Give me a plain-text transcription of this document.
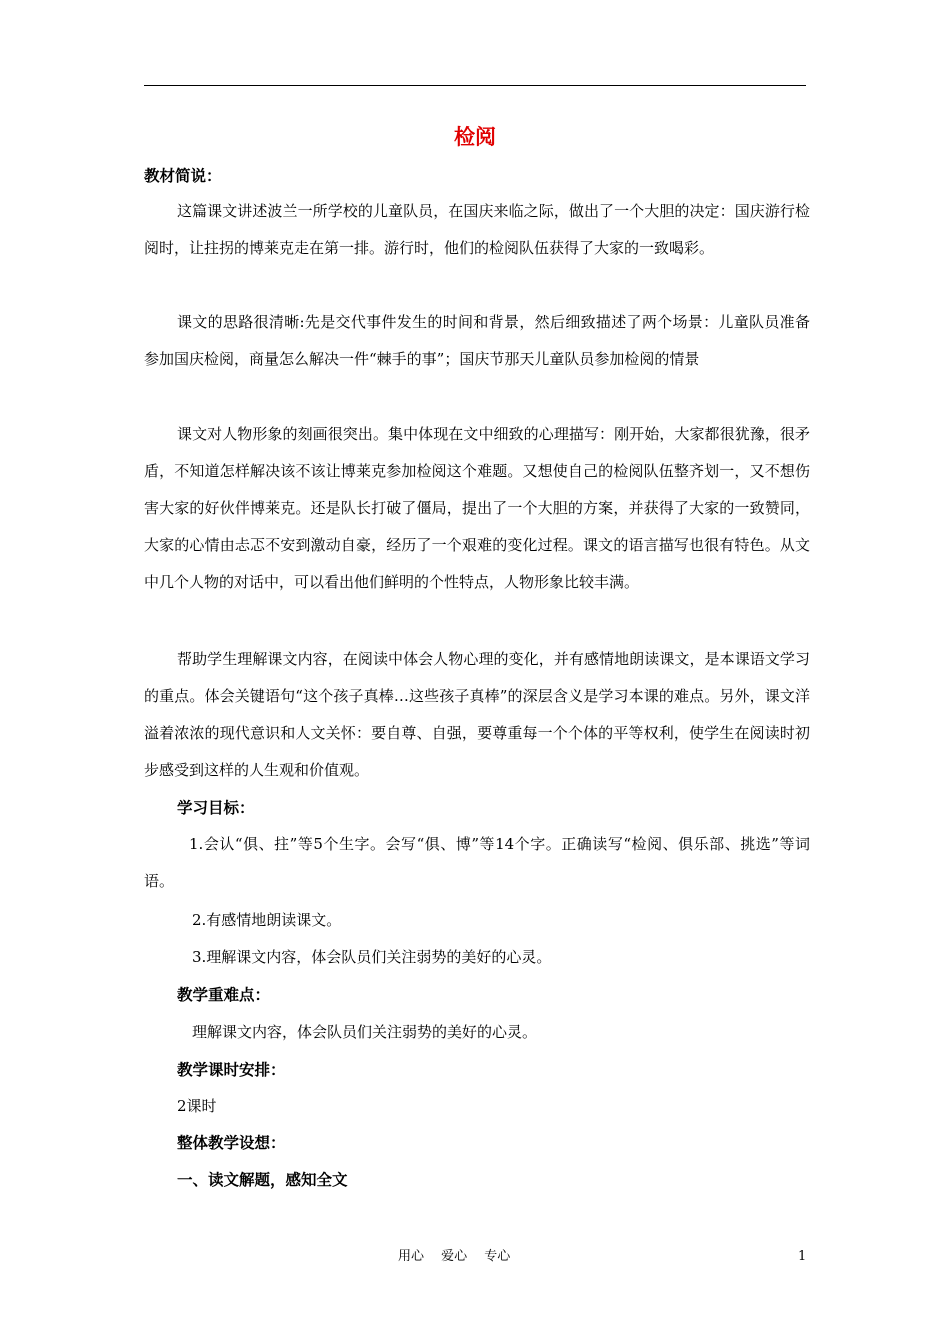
检阅
教材简说：

这篇课文讲述波兰一所学校的儿童队员，在国庆来临之际，做出了一个大胆的决定：国庆游行检阅时，让拄拐的博莱克走在第一排。游行时，他们的检阅队伍获得了大家的一致喝彩。

课文的思路很清晰:先是交代事件发生的时间和背景，然后细致描述了两个场景：儿童队员准备参加国庆检阅，商量怎么解决一件“棘手的事”；国庆节那天儿童队员参加检阅的情景

课文对人物形象的刻画很突出。集中体现在文中细致的心理描写：刚开始，大家都很犹豫，很矛盾，不知道怎样解决该不该让博莱克参加检阅这个难题。又想使自己的检阅队伍整齐划一，又不想伤害大家的好伙伴博莱克。还是队长打破了僵局，提出了一个大胆的方案，并获得了大家的一致赞同，大家的心情由忐忑不安到激动自豪，经历了一个艰难的变化过程。课文的语言描写也很有特色。从文中几个人物的对话中，可以看出他们鲜明的个性特点，人物形象比较丰满。

帮助学生理解课文内容，在阅读中体会人物心理的变化，并有感情地朗读课文，是本课语文学习的重点。体会关键语句“这个孩子真棒…这些孩子真棒”的深层含义是学习本课的难点。另外，课文洋溢着浓浓的现代意识和人文关怀：要自尊、自强，要尊重每一个个体的平等权利，使学生在阅读时初步感受到这样的人生观和价值观。

学习目标：

1.会认“俱、拄”等5个生字。会写“俱、博”等14个字。正确读写“检阅、俱乐部、挑选”等词语。

2.有感情地朗读课文。
3.理解课文内容，体会队员们关注弱势的美好的心灵。
教学重难点：
理解课文内容，体会队员们关注弱势的美好的心灵。
教学课时安排：
2课时
整体教学设想：
一、读文解题，感知全文
用心　 爱心　 专心	1
